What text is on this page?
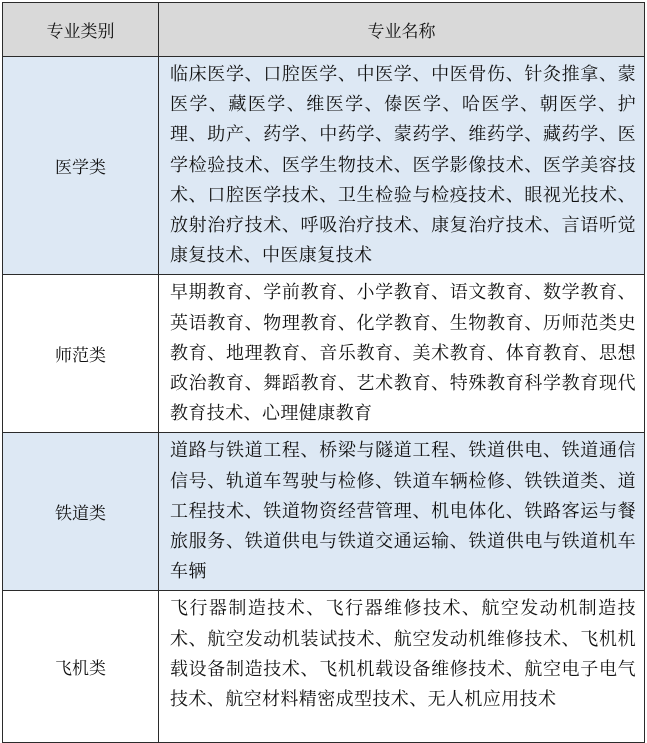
专业类别	专业名称
医学类	临床医学、口腔医学、中医学、中医骨伤、针灸推拿、蒙医学、藏医学、维医学、傣医学、哈医学、朝医学、护理、助产、药学、中药学、蒙药学、维药学、藏药学、医学检验技术、医学生物技术、医学影像技术、医学美容技术、口腔医学技术、卫生检验与检疫技术、眼视光技术、放射治疗技术、呼吸治疗技术、康复治疗技术、言语听觉康复技术、中医康复技术
师范类	早期教育、学前教育、小学教育、语文教育、数学教育、英语教育、物理教育、化学教育、生物教育、历师范类史教育、地理教育、音乐教育、美术教育、体育教育、思想政治教育、舞蹈教育、艺术教育、特殊教育科学教育现代教育技术、心理健康教育
铁道类	道路与铁道工程、桥梁与隧道工程、铁道供电、铁道通信信号、轨道车驾驶与检修、铁道车辆检修、铁铁道类、道工程技术、铁道物资经营管理、机电体化、铁路客运与餐旅服务、铁道供电与铁道交通运输、铁道供电与铁道机车车辆
飞机类	飞行器制造技术、飞行器维修技术、航空发动机制造技术、航空发动机装试技术、航空发动机维修技术、飞机机载设备制造技术、飞机机载设备维修技术、航空电子电气技术、航空材料精密成型技术、无人机应用技术
